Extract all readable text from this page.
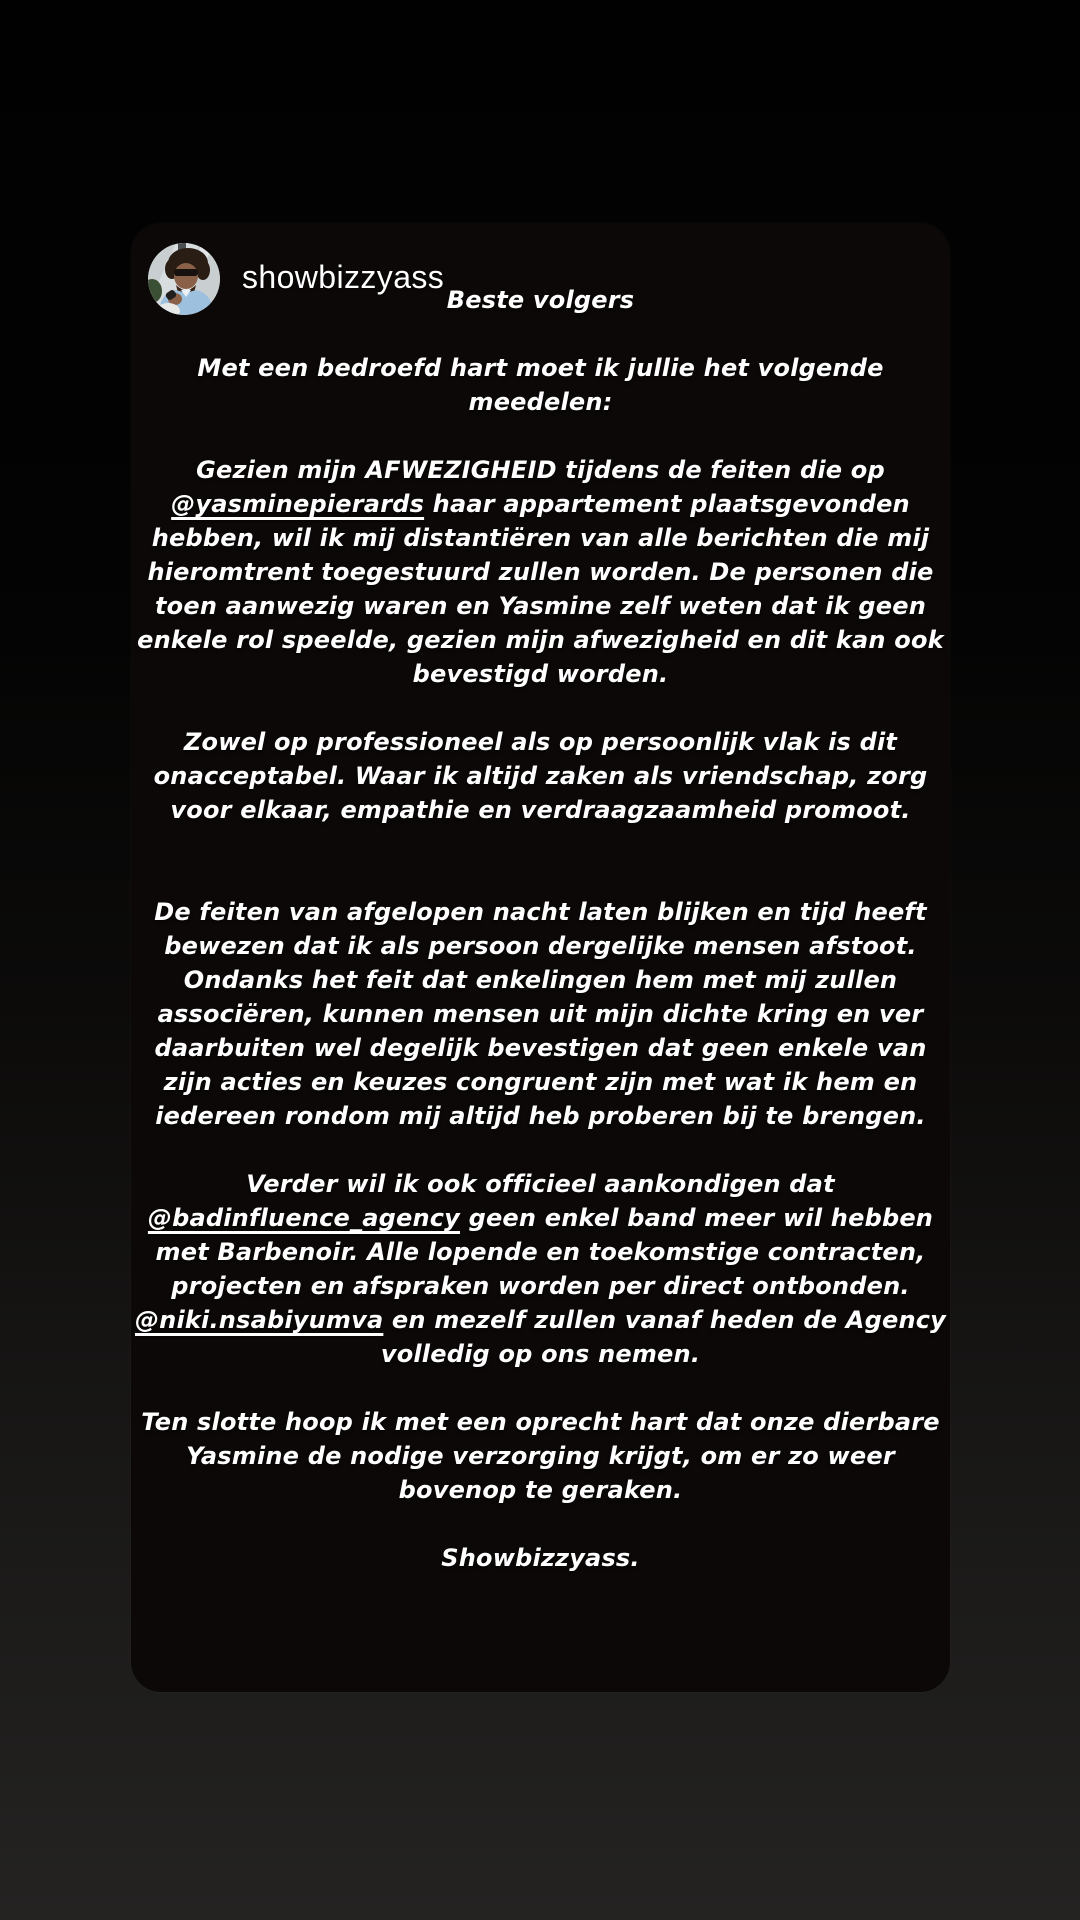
showbizzyass
Beste volgers
Met een bedroefd hart moet ik jullie het volgende
meedelen:
Gezien mijn AFWEZIGHEID tijdens de feiten die op
@yasminepierards haar appartement plaatsgevonden
hebben, wil ik mij distantiëren van alle berichten die mij
hieromtrent toegestuurd zullen worden. De personen die
toen aanwezig waren en Yasmine zelf weten dat ik geen
enkele rol speelde, gezien mijn afwezigheid en dit kan ook
bevestigd worden.
Zowel op professioneel als op persoonlijk vlak is dit
onacceptabel. Waar ik altijd zaken als vriendschap, zorg
voor elkaar, empathie en verdraagzaamheid promoot.
De feiten van afgelopen nacht laten blijken en tijd heeft
bewezen dat ik als persoon dergelijke mensen afstoot.
Ondanks het feit dat enkelingen hem met mij zullen
associëren, kunnen mensen uit mijn dichte kring en ver
daarbuiten wel degelijk bevestigen dat geen enkele van
zijn acties en keuzes congruent zijn met wat ik hem en
iedereen rondom mij altijd heb proberen bij te brengen.
Verder wil ik ook officieel aankondigen dat
@badinfluence_agency geen enkel band meer wil hebben
met Barbenoir. Alle lopende en toekomstige contracten,
projecten en afspraken worden per direct ontbonden.
@niki.nsabiyumva en mezelf zullen vanaf heden de Agency
volledig op ons nemen.
Ten slotte hoop ik met een oprecht hart dat onze dierbare
Yasmine de nodige verzorging krijgt, om er zo weer
bovenop te geraken.
Showbizzyass.
